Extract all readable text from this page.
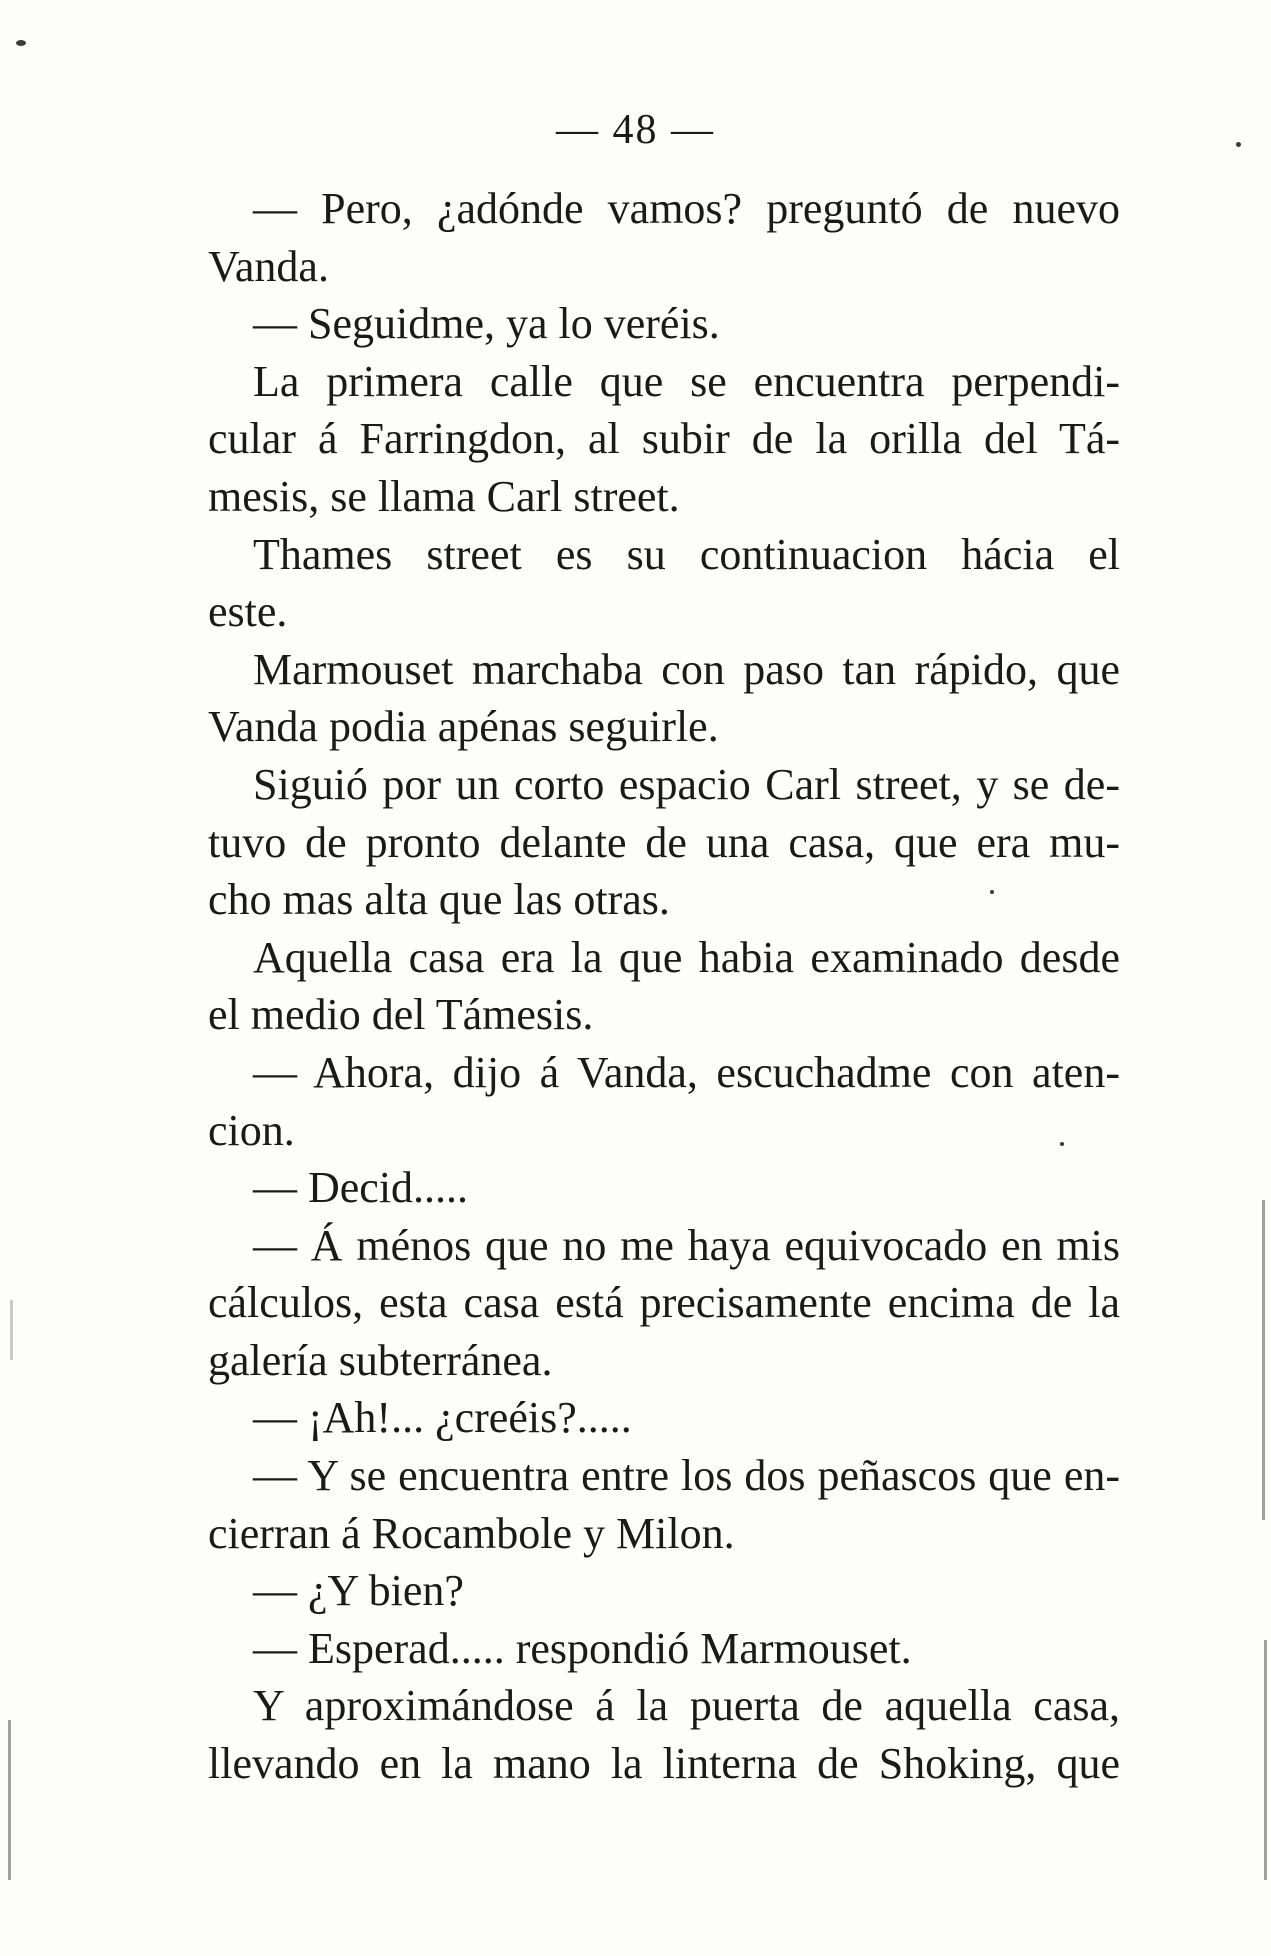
— 48 —
— Pero, ¿adónde vamos? preguntó de nuevo
Vanda.
— Seguidme, ya lo veréis.
La primera calle que se encuentra perpendi-
cular á Farringdon, al subir de la orilla del Tá-
mesis, se llama Carl street.
Thames street es su continuacion hácia el
este.
Marmouset marchaba con paso tan rápido, que
Vanda podia apénas seguirle.
Siguió por un corto espacio Carl street, y se de-
tuvo de pronto delante de una casa, que era mu-
cho mas alta que las otras.
Aquella casa era la que habia examinado desde
el medio del Támesis.
— Ahora, dijo á Vanda, escuchadme con aten-
cion.
— Decid.....
— Á ménos que no me haya equivocado en mis
cálculos, esta casa está precisamente encima de la
galería subterránea.
— ¡Ah!... ¿creéis?.....
— Y se encuentra entre los dos peñascos que en-
cierran á Rocambole y Milon.
— ¿Y bien?
— Esperad..... respondió Marmouset.
Y aproximándose á la puerta de aquella casa,
llevando en la mano la linterna de Shoking, que
